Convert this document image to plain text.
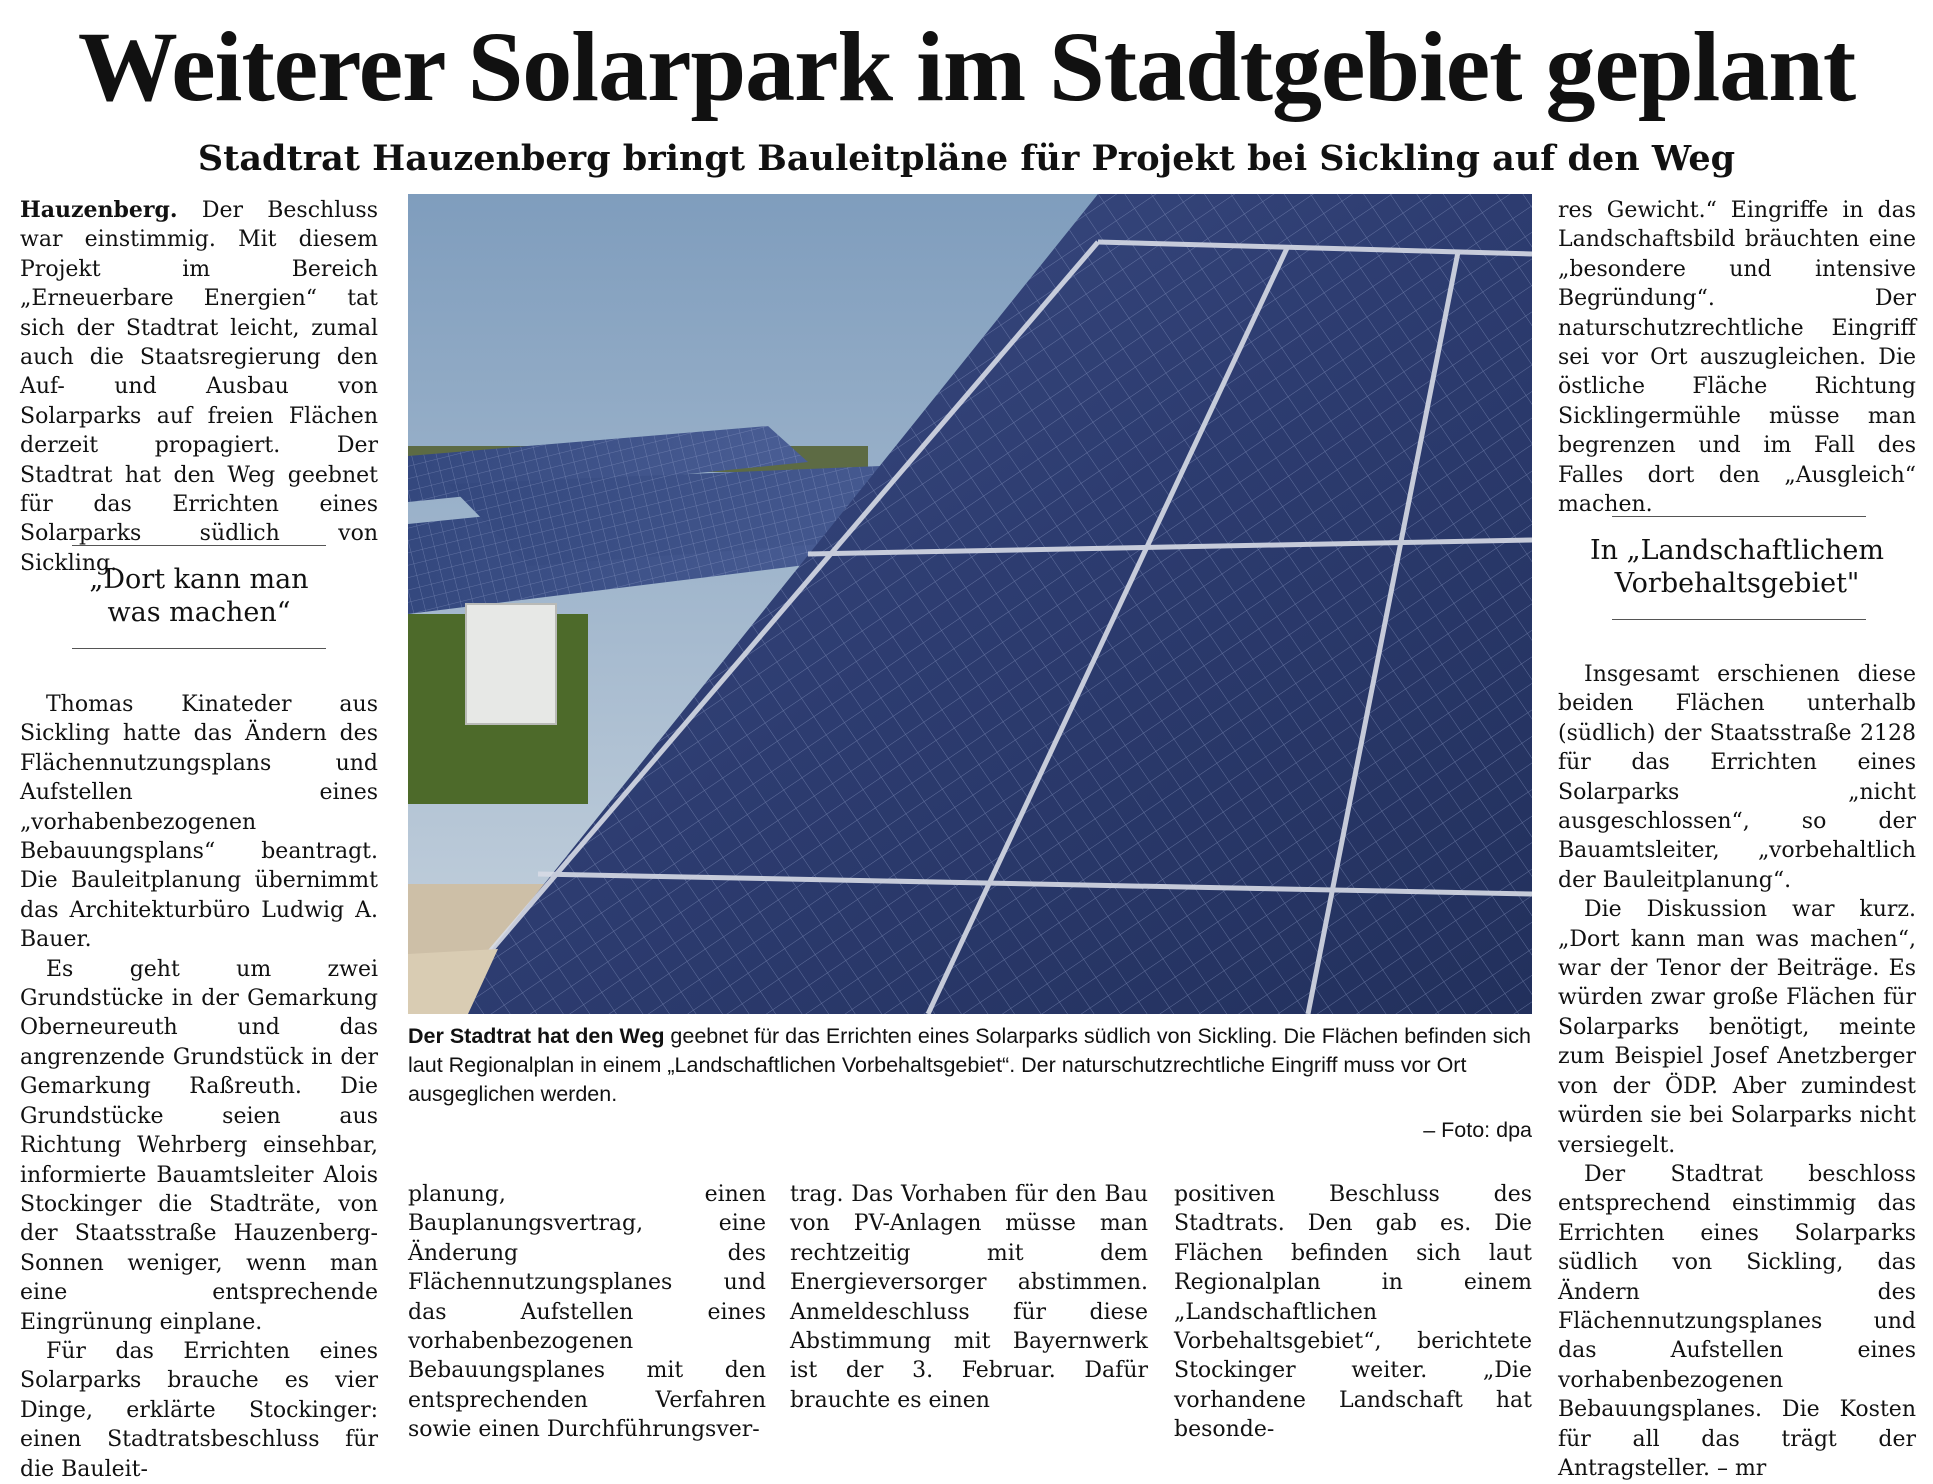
Weiterer Solarpark im Stadtgebiet geplant
Stadtrat Hauzenberg bringt Bauleitpläne für Projekt bei Sickling auf den Weg

Hauzenberg. Der Beschluss war einstimmig. Mit diesem Projekt im Bereich „Erneuerbare Energien“ tat sich der Stadtrat leicht, zumal auch die Staatsregierung den Auf- und Ausbau von Solarparks auf freien Flächen derzeit propagiert. Der Stadtrat hat den Weg geebnet für das Errichten eines Solarparks südlich von Sickling.

„Dort kann man
was machen“

Thomas Kinateder aus Sickling hatte das Ändern des Flächennutzungsplans und Aufstellen eines „vorhabenbezogenen Bebauungsplans“ beantragt. Die Bauleitplanung übernimmt das Architekturbüro Ludwig A. Bauer.

Es geht um zwei Grundstücke in der Gemarkung Oberneureuth und das angrenzende Grundstück in der Gemarkung Raßreuth. Die Grundstücke seien aus Richtung Wehrberg einsehbar, informierte Bauamtsleiter Alois Stockinger die Stadträte, von der Staatsstraße Hauzenberg-Sonnen weniger, wenn man eine entsprechende Eingrünung einplane.

Für das Errichten eines Solarparks brauche es vier Dinge, erklärte Stockinger: einen Stadtratsbeschluss für die Bauleit-

Der Stadtrat hat den Weg geebnet für das Errichten eines Solarparks südlich von Sickling. Die Flächen befinden sich laut Regionalplan in einem „Landschaftlichen Vorbehaltsgebiet“. Der naturschutzrechtliche Eingriff muss vor Ort ausgeglichen werden.

– Foto: dpa

planung, einen Bauplanungsvertrag, eine Änderung des Flächennutzungsplanes und das Aufstellen eines vorhabenbezogenen Bebauungsplanes mit den entsprechenden Verfahren sowie einen Durchführungsver-

trag. Das Vorhaben für den Bau von PV-Anlagen müsse man rechtzeitig mit dem Energieversorger abstimmen. Anmeldeschluss für diese Abstimmung mit Bayernwerk ist der 3. Februar. Dafür brauchte es einen

positiven Beschluss des Stadtrats. Den gab es. Die Flächen befinden sich laut Regionalplan in einem „Landschaftlichen Vorbehaltsgebiet“, berichtete Stockinger weiter. „Die vorhandene Landschaft hat besonde-

res Gewicht.“ Eingriffe in das Landschaftsbild bräuchten eine „besondere und intensive Begründung“. Der naturschutzrechtliche Eingriff sei vor Ort auszugleichen. Die östliche Fläche Richtung Sicklingermühle müsse man begrenzen und im Fall des Falles dort den „Ausgleich“ machen.

In „Landschaftlichem
Vorbehaltsgebiet"

Insgesamt erschienen diese beiden Flächen unterhalb (südlich) der Staatsstraße 2128 für das Errichten eines Solarparks „nicht ausgeschlossen“, so der Bauamtsleiter, „vorbehaltlich der Bauleitplanung“.

Die Diskussion war kurz. „Dort kann man was machen“, war der Tenor der Beiträge. Es würden zwar große Flächen für Solarparks benötigt, meinte zum Beispiel Josef Anetzberger von der ÖDP. Aber zumindest würden sie bei Solarparks nicht versiegelt.

Der Stadtrat beschloss entsprechend einstimmig das Errichten eines Solarparks südlich von Sickling, das Ändern des Flächennutzungsplanes und das Aufstellen eines vorhabenbezogenen Bebauungsplanes. Die Kosten für all das trägt der Antragsteller. – mr
